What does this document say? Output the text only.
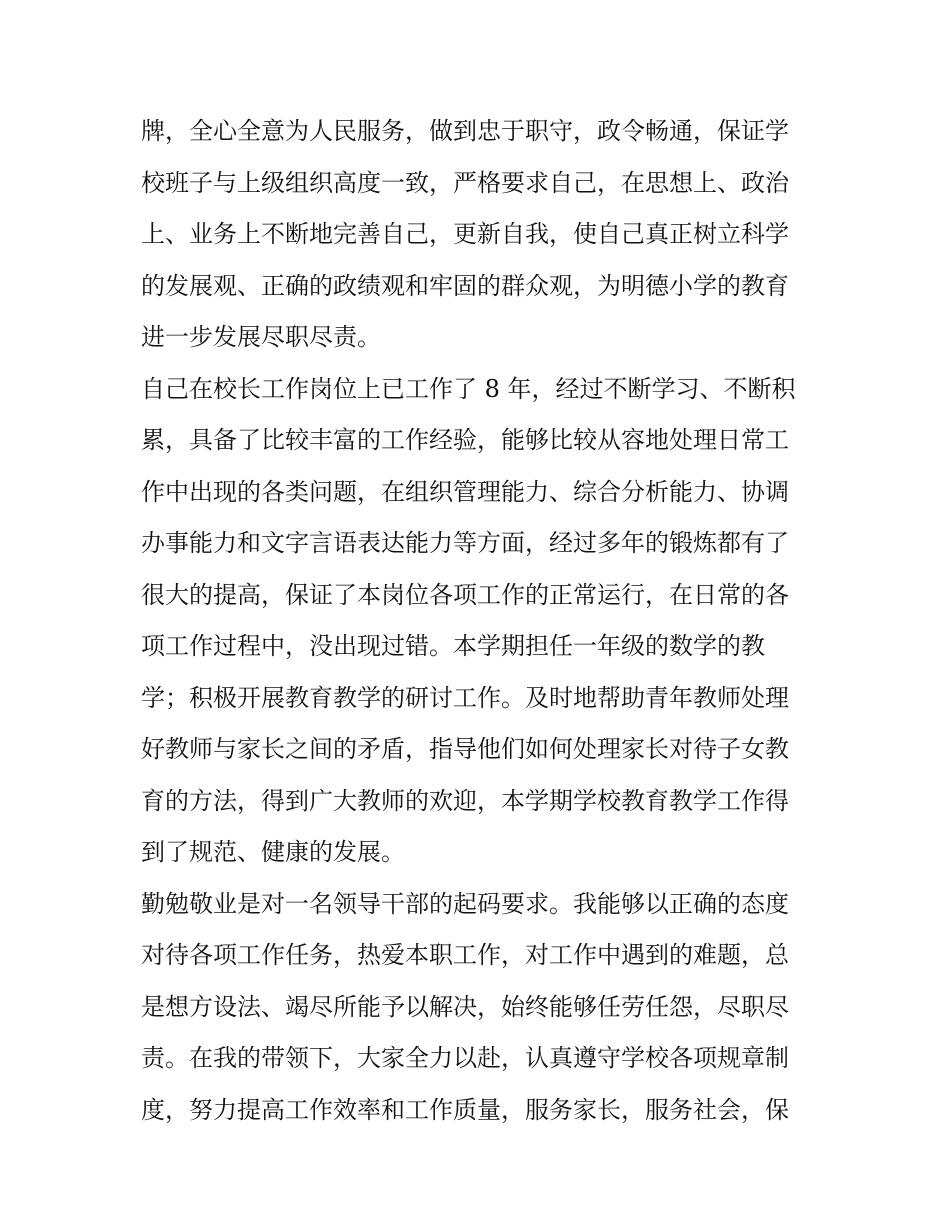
牌，全心全意为人民服务，做到忠于职守，政令畅通，保证学
校班子与上级组织高度一致，严格要求自己，在思想上、政治
上、业务上不断地完善自己，更新自我，使自己真正树立科学
的发展观、正确的政绩观和牢固的群众观，为明德小学的教育
进一步发展尽职尽责。
自己在校长工作岗位上已工作了 8 年，经过不断学习、不断积
累，具备了比较丰富的工作经验，能够比较从容地处理日常工
作中出现的各类问题，在组织管理能力、综合分析能力、协调
办事能力和文字言语表达能力等方面，经过多年的锻炼都有了
很大的提高，保证了本岗位各项工作的正常运行，在日常的各
项工作过程中，没出现过错。本学期担任一年级的数学的教
学；积极开展教育教学的研讨工作。及时地帮助青年教师处理
好教师与家长之间的矛盾，指导他们如何处理家长对待子女教
育的方法，得到广大教师的欢迎，本学期学校教育教学工作得
到了规范、健康的发展。
勤勉敬业是对一名领导干部的起码要求。我能够以正确的态度
对待各项工作任务，热爱本职工作，对工作中遇到的难题，总
是想方设法、竭尽所能予以解决，始终能够任劳任怨，尽职尽
责。在我的带领下，大家全力以赴，认真遵守学校各项规章制
度，努力提高工作效率和工作质量，服务家长，服务社会，保
